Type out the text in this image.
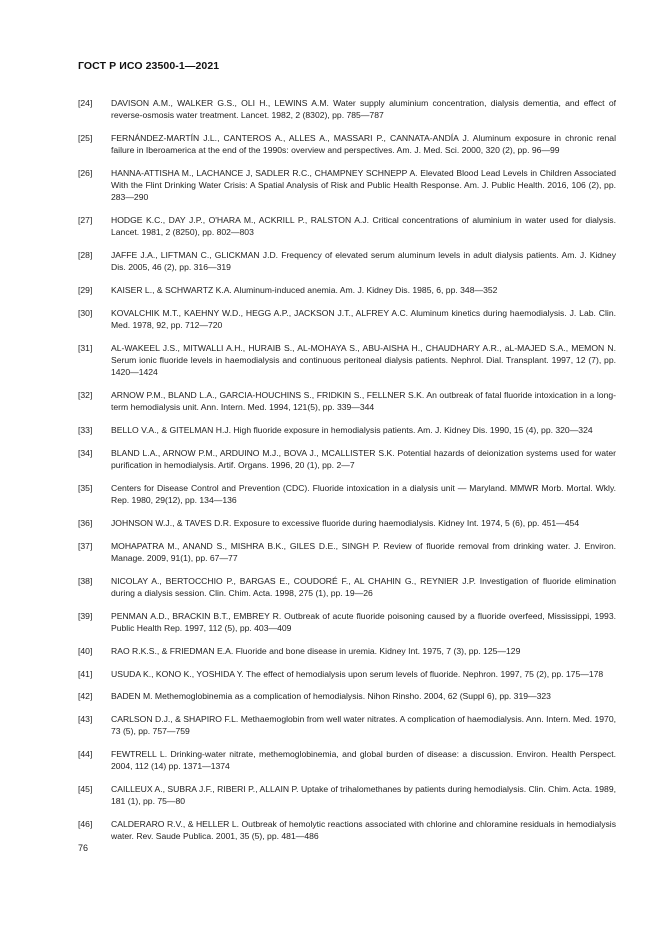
ГОСТ Р ИСО 23500-1—2021
[24]	DAVISON A.M., WALKER G.S., OLI H., LEWINS A.M. Water supply aluminium concentration, dialysis dementia, and effect of reverse-osmosis water treatment. Lancet. 1982, 2 (8302), pp. 785—787
[25]	FERNÁNDEZ-MARTÍN J.L., CANTEROS A., ALLES A., MASSARI P., CANNATA-ANDÍA J. Aluminum exposure in chronic renal failure in Iberoamerica at the end of the 1990s: overview and perspectives. Am. J. Med. Sci. 2000, 320 (2), pp. 96—99
[26]	HANNA-ATTISHA M., LACHANCE J, SADLER R.C., CHAMPNEY SCHNEPP A. Elevated Blood Lead Levels in Children Associated With the Flint Drinking Water Crisis: A Spatial Analysis of Risk and Public Health Response. Am. J. Public Health. 2016, 106 (2), pp. 283—290
[27]	HODGE K.C., DAY J.P., O'HARA M., ACKRILL P., RALSTON A.J. Critical concentrations of aluminium in water used for dialysis. Lancet. 1981, 2 (8250), pp. 802—803
[28]	JAFFE J.A., LIFTMAN C., GLICKMAN J.D. Frequency of elevated serum aluminum levels in adult dialysis patients. Am. J. Kidney Dis. 2005, 46 (2), pp. 316—319
[29]	KAISER L., & SCHWARTZ K.A. Aluminum-induced anemia. Am. J. Kidney Dis. 1985, 6, pp. 348—352
[30]	KOVALCHIK M.T., KAEHNY W.D., HEGG A.P., JACKSON J.T., ALFREY A.C. Aluminum kinetics during haemodialysis. J. Lab. Clin. Med. 1978, 92, pp. 712—720
[31]	AL-WAKEEL J.S., MITWALLI A.H., HURAIB S., AL-MOHAYA S., ABU-AISHA H., CHAUDHARY A.R., aL-MAJED S.A., MEMON N. Serum ionic fluoride levels in haemodialysis and continuous peritoneal dialysis patients. Nephrol. Dial. Transplant. 1997, 12 (7), pp. 1420—1424
[32]	ARNOW P.M., BLAND L.A., GARCIA-HOUCHINS S., FRIDKIN S., FELLNER S.K. An outbreak of fatal fluoride intoxication in a long-term hemodialysis unit. Ann. Intern. Med. 1994, 121(5), pp. 339—344
[33]	BELLO V.A., & GITELMAN H.J. High fluoride exposure in hemodialysis patients. Am. J. Kidney Dis. 1990, 15 (4), pp. 320—324
[34]	BLAND L.A., ARNOW P.M., ARDUINO M.J., BOVA J., MCALLISTER S.K. Potential hazards of deionization systems used for water purification in hemodialysis. Artif. Organs. 1996, 20 (1), pp. 2—7
[35]	Centers for Disease Control and Prevention (CDC). Fluoride intoxication in a dialysis unit — Maryland. MMWR Morb. Mortal. Wkly. Rep. 1980, 29(12), pp. 134—136
[36]	JOHNSON W.J., & TAVES D.R. Exposure to excessive fluoride during haemodialysis. Kidney Int. 1974, 5 (6), pp. 451—454
[37]	MOHAPATRA M., ANAND S., MISHRA B.K., GILES D.E., SINGH P. Review of fluoride removal from drinking water. J. Environ. Manage. 2009, 91(1), pp. 67—77
[38]	NICOLAY A., BERTOCCHIO P., BARGAS E., COUDORÉ F., AL CHAHIN G., REYNIER J.P. Investigation of fluoride elimination during a dialysis session. Clin. Chim. Acta. 1998, 275 (1), pp. 19—26
[39]	PENMAN A.D., BRACKIN B.T., EMBREY R. Outbreak of acute fluoride poisoning caused by a fluoride overfeed, Mississippi, 1993. Public Health Rep. 1997, 112 (5), pp. 403—409
[40]	RAO R.K.S., & FRIEDMAN E.A. Fluoride and bone disease in uremia. Kidney Int. 1975, 7 (3), pp. 125—129
[41]	USUDA K., KONO K., YOSHIDA Y. The effect of hemodialysis upon serum levels of fluoride. Nephron. 1997, 75 (2), pp. 175—178
[42]	BADEN M. Methemoglobinemia as a complication of hemodialysis. Nihon Rinsho. 2004, 62 (Suppl 6), pp. 319—323
[43]	CARLSON D.J., & SHAPIRO F.L. Methaemoglobin from well water nitrates. A complication of haemodialysis. Ann. Intern. Med. 1970, 73 (5), pp. 757—759
[44]	FEWTRELL L. Drinking-water nitrate, methemoglobinemia, and global burden of disease: a discussion. Environ. Health Perspect. 2004, 112 (14) pp. 1371—1374
[45]	CAILLEUX A., SUBRA J.F., RIBERI P., ALLAIN P. Uptake of trihalomethanes by patients during hemodialysis. Clin. Chim. Acta. 1989, 181 (1), pp. 75—80
[46]	CALDERARO R.V., & HELLER L. Outbreak of hemolytic reactions associated with chlorine and chloramine residuals in hemodialysis water. Rev. Saude Publica. 2001, 35 (5), pp. 481—486
76
